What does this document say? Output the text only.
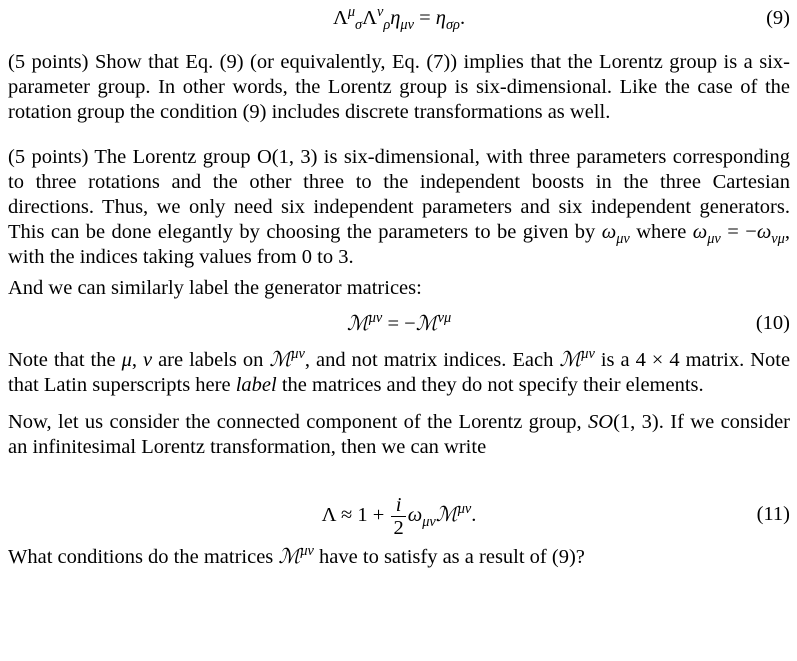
$\Lambda^\mu_\sigma\Lambda^\nu_\rho\eta_{\mu\nu} = \eta_{\sigma\rho}$.	(9)

(5 points) Show that Eq. (9) (or equivalently, Eq. (7)) implies that the Lorentz group is a six-parameter group. In other words, the Lorentz group is six-dimensional. Like the case of the rotation group the condition (9) includes discrete transformations as well.

(5 points) The Lorentz group O(1, 3) is six-dimensional, with three parameters corresponding to three rotations and the other three to the independent boosts in the three Cartesian directions. Thus, we only need six independent parameters and six independent generators. This can be done elegantly by choosing the parameters to be given by $\omega_{\mu\nu}$ where $\omega_{\mu\nu} = -\omega_{\nu\mu}$, with the indices taking values from 0 to 3.

And we can similarly label the generator matrices:

ℳ$^{\mu\nu}$ = −ℳ$^{\nu\mu}$	(10)

Note that the μ, ν are labels on ℳ$^{\mu\nu}$, and not matrix indices. Each ℳ$^{\mu\nu}$ is a 4 × 4 matrix. Note that Latin superscripts here label the matrices and they do not specify their elements.

Now, let us consider the connected component of the Lorentz group, SO(1, 3). If we consider an infinitesimal Lorentz transformation, then we can write

$\Lambda \approx 1 + \frac{i}{2}$ $\omega_{\mu\nu}ℳ^{\mu\nu}$.	(11)

What conditions do the matrices ℳ$^{\mu\nu}$ have to satisfy as a result of (9)?
